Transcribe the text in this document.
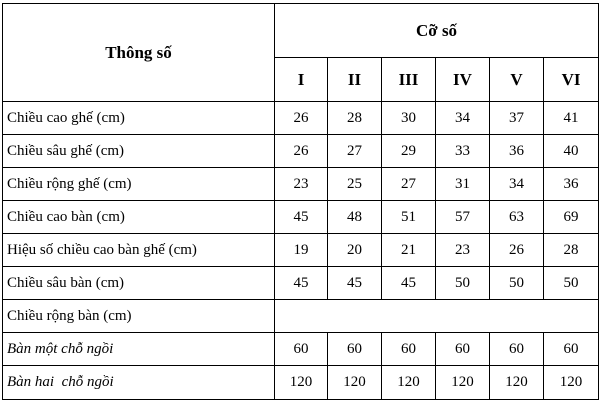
Thông số	Cỡ số					
	I	II	III	IV	V	VI
Chiều cao ghế (cm)	26	28	30	34	37	41
Chiều sâu ghế (cm)	26	27	29	33	36	40
Chiều rộng ghế (cm)	23	25	27	31	34	36
Chiều cao bàn (cm)	45	48	51	57	63	69
Hiệu số chiều cao bàn ghế (cm)	19	20	21	23	26	28
Chiều sâu bàn (cm)	45	45	45	50	50	50
Chiều rộng bàn (cm)						
Bàn một chỗ ngồi	60	60	60	60	60	60
Bàn hai  chỗ ngồi	120	120	120	120	120	120
